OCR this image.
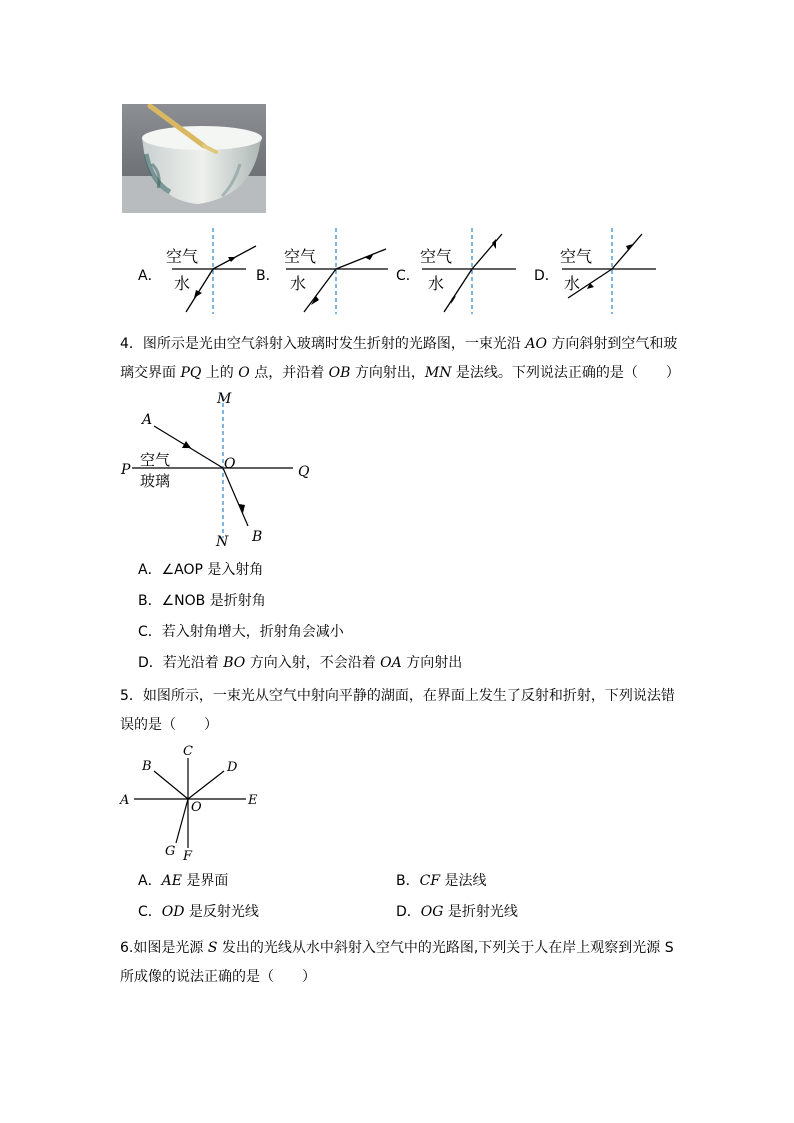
A．
空气
水	B．
空气
水	C．
空气
水	D．
空气
水
4．图所示是光由空气斜射入玻璃时发生折射的光路图，一束光沿 AO 方向斜射到空气和玻
璃交界面 PQ 上的 O 点，并沿着 OB 方向射出，MN 是法线。下列说法正确的是（　　）
A
M
P	O	Q
N B
空气
玻璃
A．∠AOP 是入射角
B．∠NOB 是折射角
C．若入射角增大，折射角会减小
D．若光沿着 BO 方向入射，不会沿着 OA 方向射出
5．如图所示，一束光从空气中射向平静的湖面，在界面上发生了反射和折射，下列说法错
误的是（　　）
A
B
C
D
E
F
G
O
A．AE 是界面	B．CF 是法线
C．OD 是反射光线	D．OG 是折射光线
6.如图是光源 S 发出的光线从水中斜射入空气中的光路图,下列关于人在岸上观察到光源 S
所成像的说法正确的是（　　）
